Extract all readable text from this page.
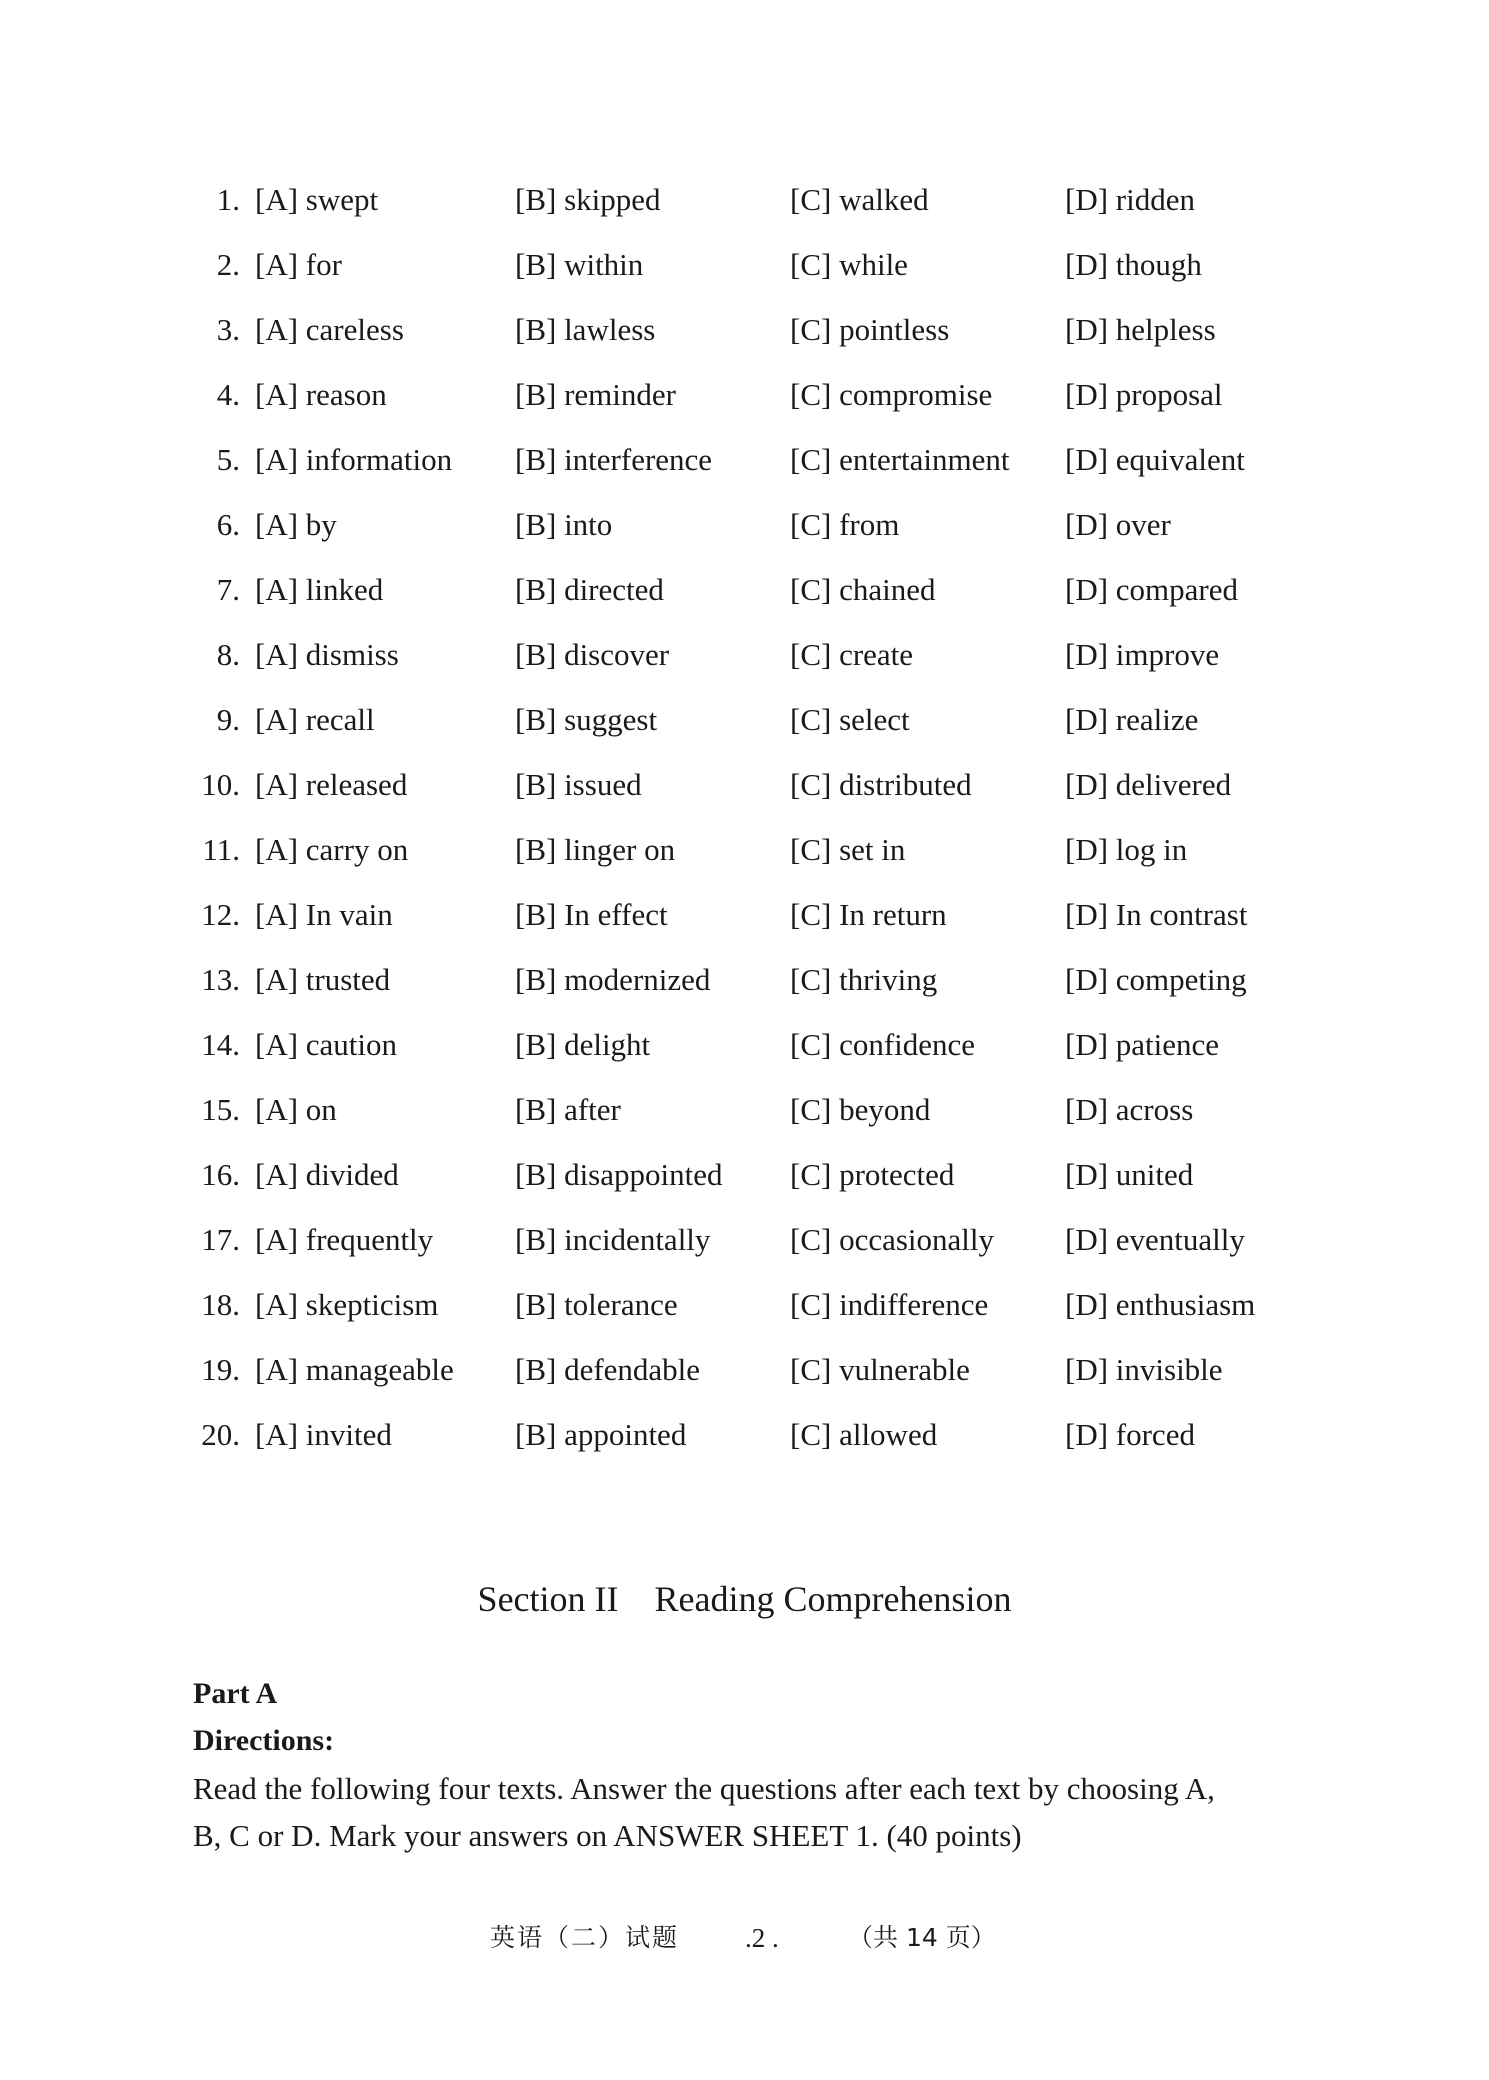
1. [A] swept	[B] skipped	[C] walked	[D] ridden
2. [A] for	[B] within	[C] while	[D] though
3. [A] careless	[B] lawless	[C] pointless	[D] helpless
4. [A] reason	[B] reminder	[C] compromise [D] proposal
5. [A] information [B] interference	[C] entertainment [D] equivalent
6. [A] by	[B] into	[C] from	[D] over
7. [A] linked	[B] directed	[C] chained	[D] compared
8. [A] dismiss	[B] discover	[C] create	[D] improve
9. [A] recall	[B] suggest	[C] select	[D] realize
10. [A] released	[B] issued	[C] distributed	[D] delivered
11. [A] carry on	[B] linger on	[C] set in	[D] log in
12. [A] In vain	[B] In effect	[C] In return	[D] In contrast
13. [A] trusted	[B] modernized	[C] thriving	[D] competing
14. [A] caution	[B] delight	[C] confidence	[D] patience
15. [A] on	[B] after	[C] beyond	[D] across
16. [A] divided	[B] disappointed [C] protected	[D] united
17. [A] frequently	[B] incidentally	[C] occasionally [D] eventually
18. [A] skepticism [B] tolerance	[C] indifference [D] enthusiasm
19. [A] manageable [B] defendable	[C] vulnerable	[D] invisible
20. [A] invited	[B] appointed	[C] allowed	[D] forced
Section II    Reading Comprehension
Part A
Directions:
Read the following four texts. Answer the questions after each text by choosing A,
B, C or D. Mark your answers on ANSWER SHEET 1. (40 points)
英语（二）试题 .2 .	（共 14 页）
